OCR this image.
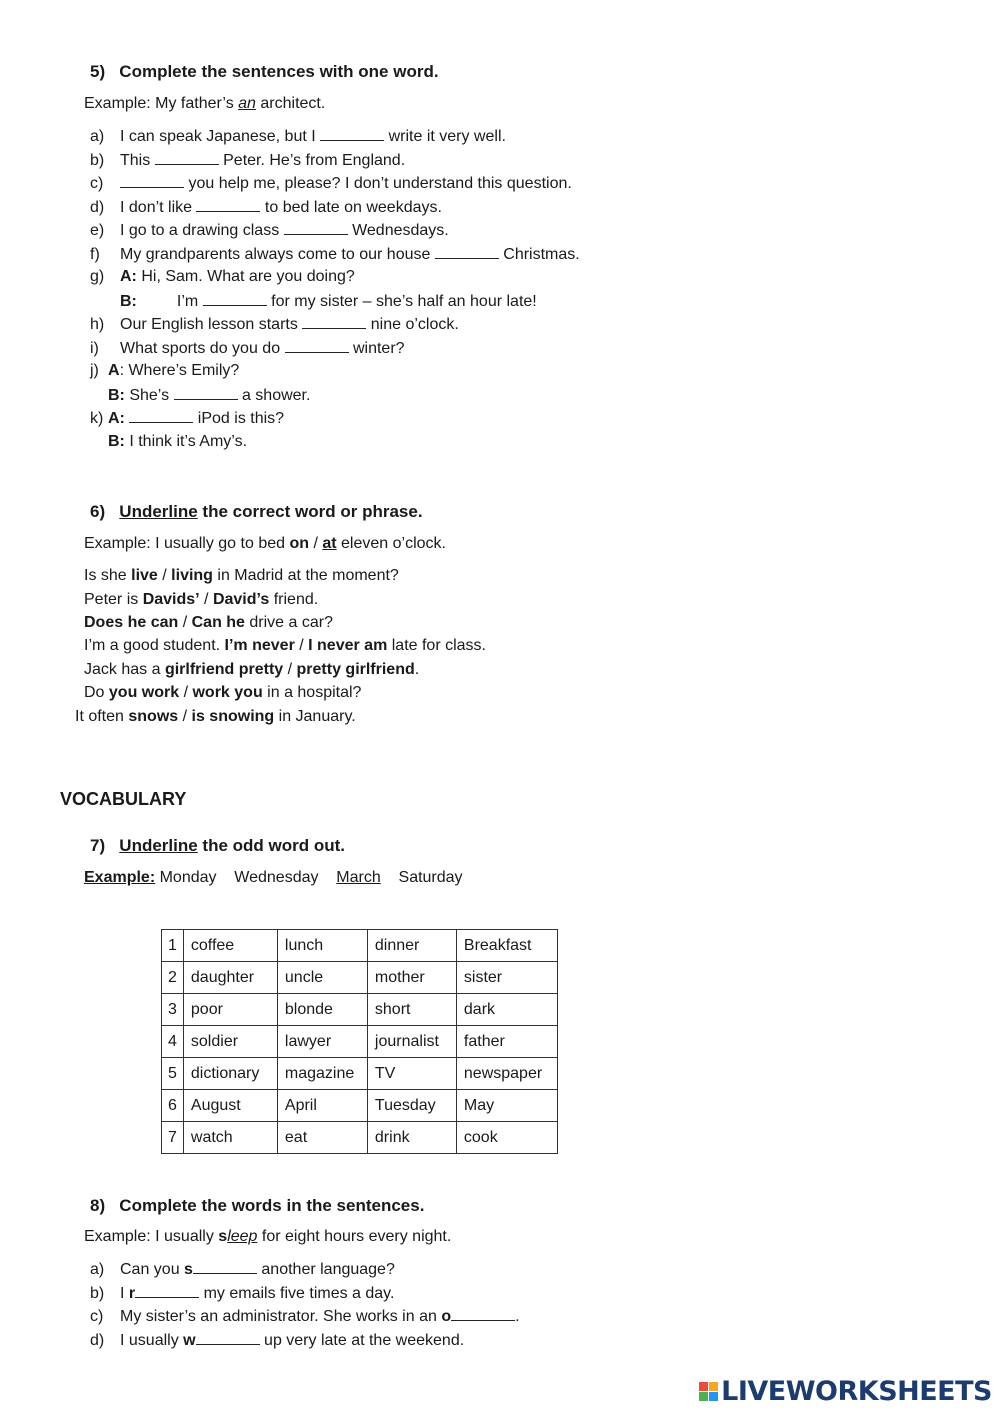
5) Complete the sentences with one word.
Example: My father’s an architect.
a) I can speak Japanese, but I	write it very well.
b) This	Peter. He’s from England.
c)	you help me, please? I don’t understand this question.
d) I don’t like	to bed late on weekdays.
e) I go to a drawing class	Wednesdays.
f) My grandparents always come to our house	Christmas.
g) A: Hi, Sam. What are you doing?
B:	I’m	for my sister – she’s half an hour late!
h) Our English lesson starts	nine o’clock.
i) What sports do you do	winter?
j) A: Where’s Emily?
B: She’s	a shower.
k) A:	iPod is this?
B: I think it’s Amy’s.
6) Underline the correct word or phrase.
Example: I usually go to bed on / at eleven o’clock.
Is she live / living in Madrid at the moment?
Peter is Davids’ / David’s friend.
Does he can / Can he drive a car?
I’m a good student. I’m never / I never am late for class.
Jack has a girlfriend pretty / pretty girlfriend.
Do you work / work you in a hospital?
It often snows / is snowing in January.
VOCABULARY
7) Underline the odd word out.
Example: Monday Wednesday March Saturday
1	coffee	lunch	dinner	Breakfast
2	daughter	uncle	mother	sister
3	poor	blonde	short	dark
4	soldier	lawyer	journalist	father
5	dictionary	magazine	TV	newspaper
6	August	April	Tuesday	May
7	watch	eat	drink	cook
8) Complete the words in the sentences.
Example: I usually sleep for eight hours every night.
a) Can you s	another language?
b) I r	my emails five times a day.
c) My sister’s an administrator. She works in an o	.
d) I usually w	up very late at the weekend.
LIVEWORKSHEETS
